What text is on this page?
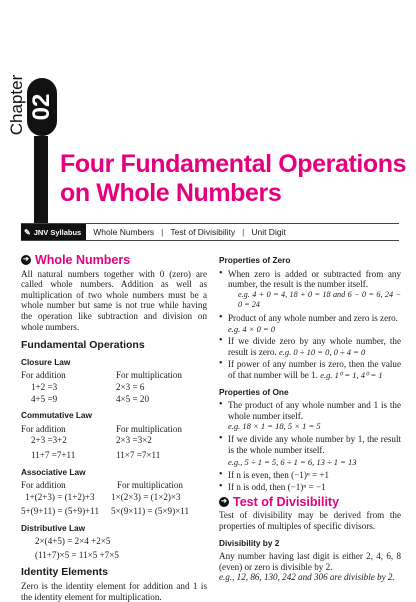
Chapter 02
Four Fundamental Operations
on Whole Numbers
✎ JNV Syllabus	Whole Numbers | Test of Divisibility | Unit Digit
➔ Whole Numbers

All natural numbers together with 0 (zero) are called whole numbers. Addition as well as multiplication of two whole numbers must be a whole number but same is not true while having the operation like subtraction and division on whole numbers.

Fundamental Operations
Closure Law
For addition	For multiplication
1+2 =3	2×3 = 6
4+5 =9	4×5 = 20
Commutative Law
For addition	For multiplication
2+3 =3+2	2×3 =3×2
11+7 =7+11	11×7 =7×11
Associative Law
For addition	For multiplication
1+(2+3) = (1+2)+3	1×(2×3) = (1×2)×3
5+(9+11) = (5+9)+11	5×(9×11) = (5×9)×11
Distributive Law
2×(4+5) = 2×4 +2×5
(11+7)×5 = 11×5 +7×5
Identity Elements

Zero is the identity element for addition and 1 is the identity element for multiplication.

Properties of Zero
• When zero is added or subtracted from any number, the result is the number itself.
e.g. 4 + 0 = 4, 18 + 0 = 18 and 6 − 0 = 6, 24 − 0 = 24
• Product of any whole number and zero is zero.
e.g. 4 × 0 = 0
• If we divide zero by any whole number, the result is zero. e.g. 0 ÷ 10 = 0, 0 ÷ 4 = 0
• If power of any number is zero, then the value of that number will be 1. e.g. 1⁰ = 1, 4⁰ = 1
Properties of One
• The product of any whole number and 1 is the whole number itself.
e.g. 18 × 1 = 18, 5 × 1 = 5
• If we divide any whole number by 1, the result is the whole number itself.
e.g., 5 ÷ 1 = 5, 6 ÷ 1 = 6, 13 ÷ 1 = 13
• If n is even, then (−1)ⁿ = +1
• If n is odd, then (−1)ⁿ = −1
➔ Test of Divisibility

Test of divisibility may be derived from the properties of multiples of specific divisors.

Divisibility by 2

Any number having last digit is either 2, 4, 6, 8 (even) or zero is divisible by 2.

e.g., 12, 86, 130, 242 and 306 are divisible by 2.
